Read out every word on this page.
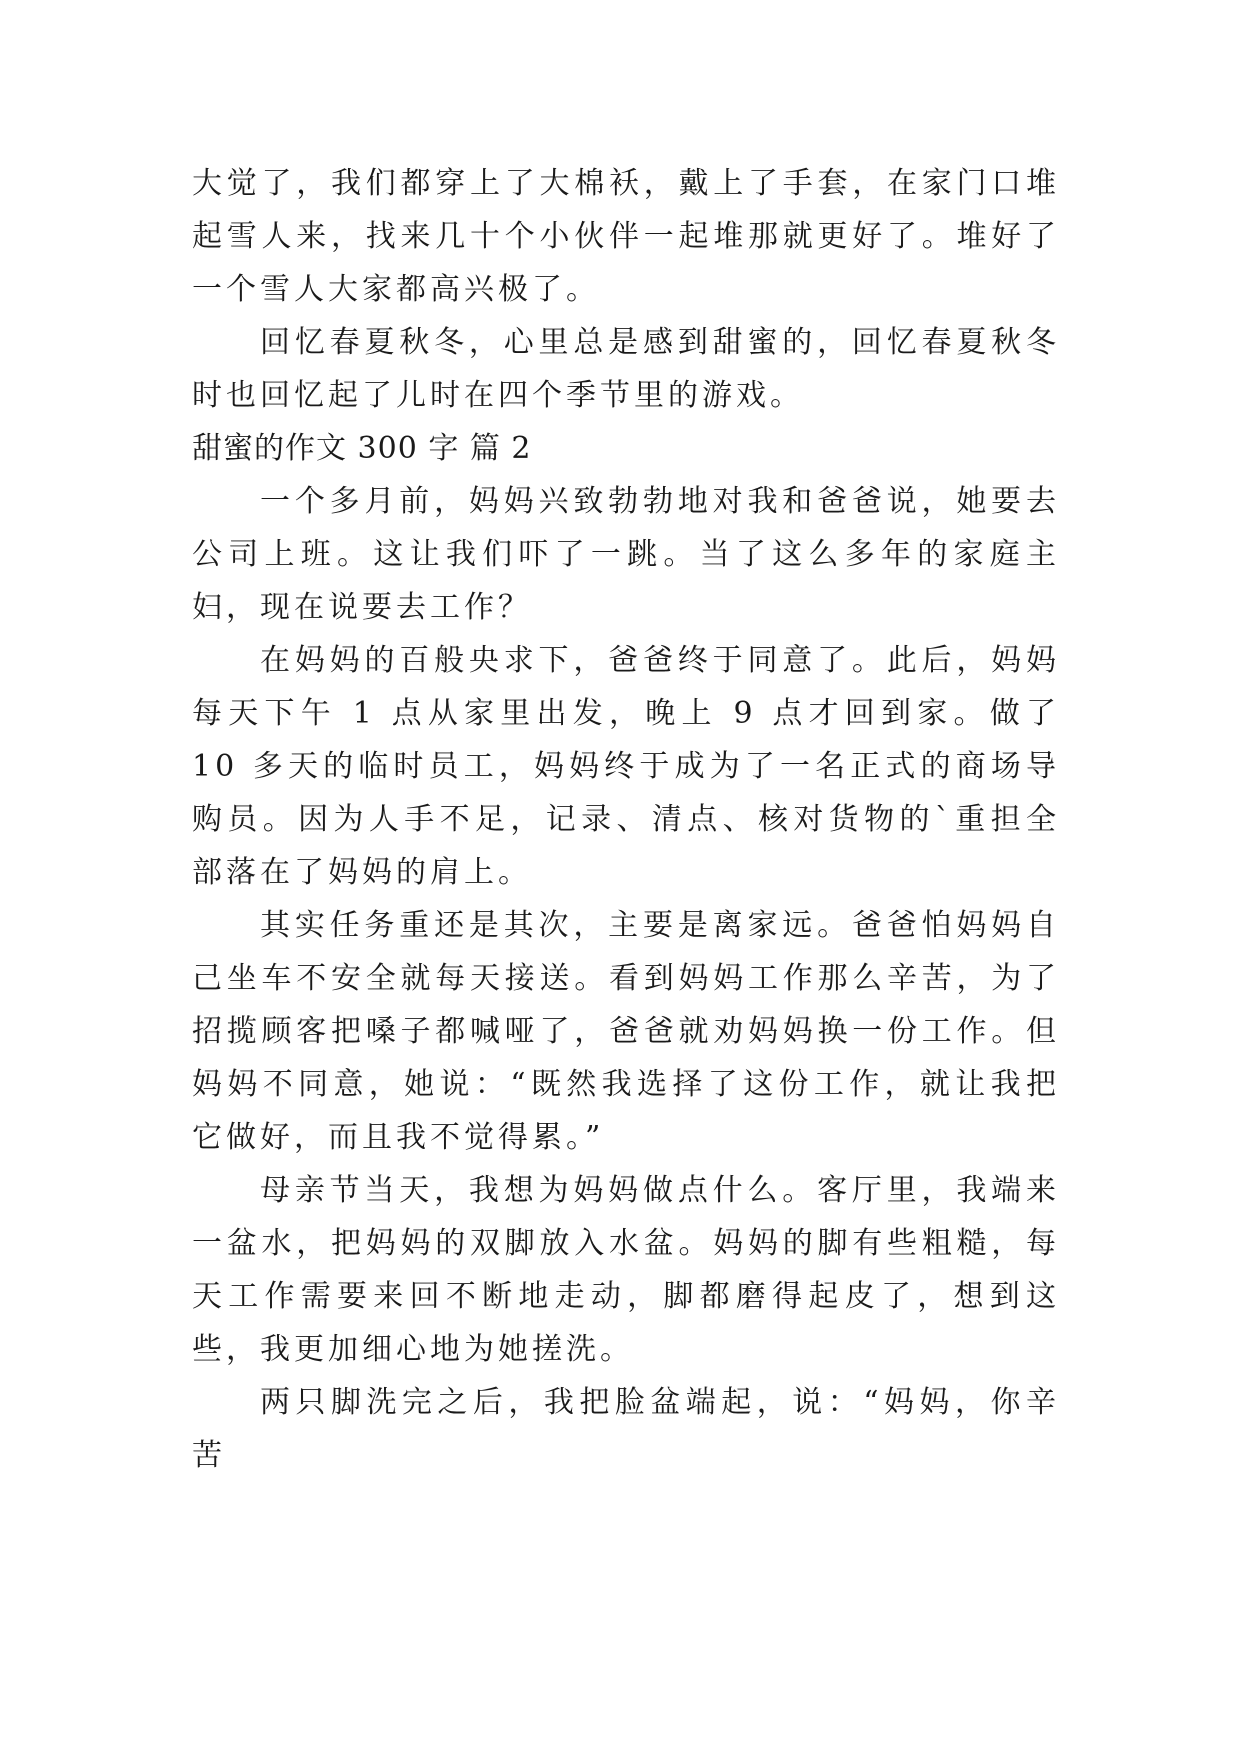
大觉了，我们都穿上了大棉袄，戴上了手套，在家门口堆起雪人来，找来几十个小伙伴一起堆那就更好了。堆好了一个雪人大家都高兴极了。

回忆春夏秋冬，心里总是感到甜蜜的，回忆春夏秋冬时也回忆起了儿时在四个季节里的游戏。

甜蜜的作文 300 字 篇 2

一个多月前，妈妈兴致勃勃地对我和爸爸说，她要去公司上班。这让我们吓了一跳。当了这么多年的家庭主妇，现在说要去工作？

在妈妈的百般央求下，爸爸终于同意了。此后，妈妈每天下午 1 点从家里出发，晚上 9 点才回到家。做了 10 多天的临时员工，妈妈终于成为了一名正式的商场导购员。因为人手不足，记录、清点、核对货物的`重担全部落在了妈妈的肩上。

其实任务重还是其次，主要是离家远。爸爸怕妈妈自己坐车不安全就每天接送。看到妈妈工作那么辛苦，为了招揽顾客把嗓子都喊哑了，爸爸就劝妈妈换一份工作。但妈妈不同意，她说：“既然我选择了这份工作，就让我把它做好，而且我不觉得累。”

母亲节当天，我想为妈妈做点什么。客厅里，我端来一盆水，把妈妈的双脚放入水盆。妈妈的脚有些粗糙，每天工作需要来回不断地走动，脚都磨得起皮了，想到这些，我更加细心地为她搓洗。

两只脚洗完之后，我把脸盆端起，说：“妈妈，你辛苦
